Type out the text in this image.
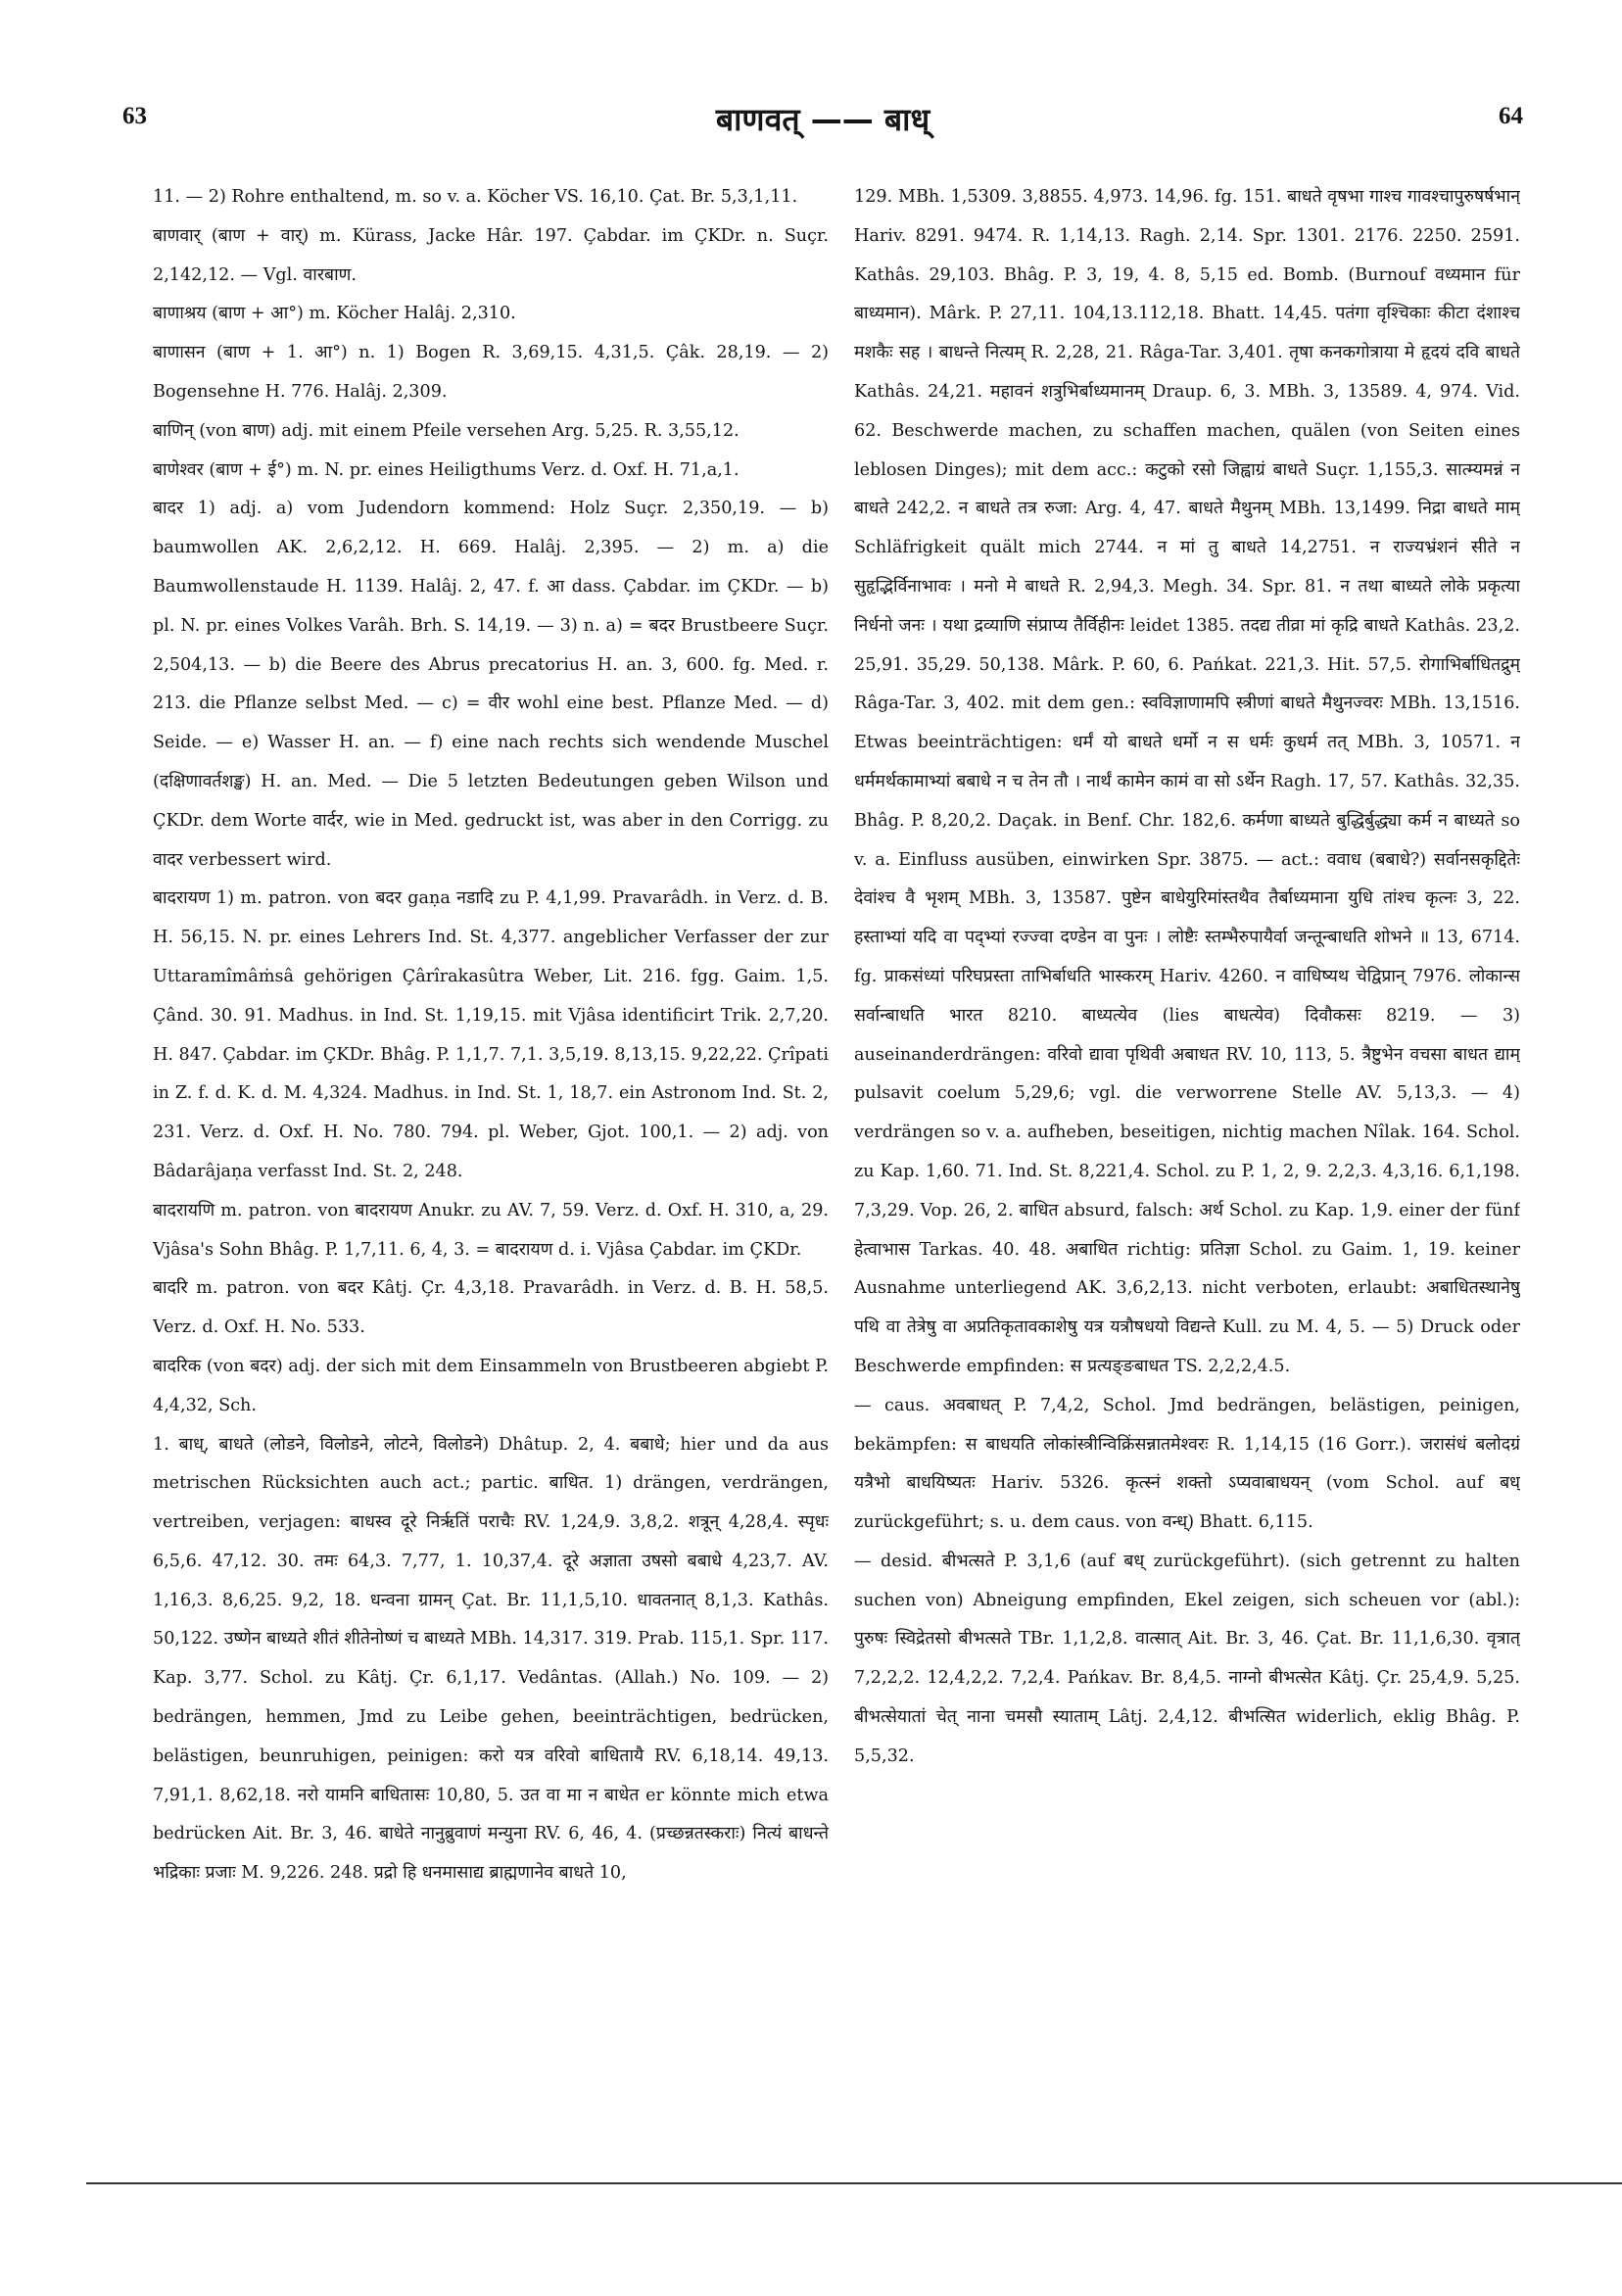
63	बाणवत् —— बाध्	64

11. — 2) Rohre enthaltend, m. so v. a. Köcher VS. 16,10. Çat. Br. 5,3,1,11.

बाणवार् (बाण + वार्) m. Kürass, Jacke Hâr. 197. Çabdar. im ÇKDr. n. Suçr. 2,142,12. — Vgl. वारबाण.

बाणाश्रय (बाण + आ°) m. Köcher Halâj. 2,310.

बाणासन (बाण + 1. आ°) n. 1) Bogen R. 3,69,15. 4,31,5. Çâk. 28,19. — 2) Bogensehne H. 776. Halâj. 2,309.

बाणिन् (von बाण) adj. mit einem Pfeile versehen Arg. 5,25. R. 3,55,12.

बाणेश्वर (बाण + ई°) m. N. pr. eines Heiligthums Verz. d. Oxf. H. 71,a,1.

बादर 1) adj. a) vom Judendorn kommend: Holz Suçr. 2,350,19. — b) baumwollen AK. 2,6,2,12. H. 669. Halâj. 2,395. — 2) m. a) die Baumwollenstaude H. 1139. Halâj. 2, 47. f. आ dass. Çabdar. im ÇKDr. — b) pl. N. pr. eines Volkes Varâh. Brh. S. 14,19. — 3) n. a) = बदर Brustbeere Suçr. 2,504,13. — b) die Beere des Abrus precatorius H. an. 3, 600. fg. Med. r. 213. die Pflanze selbst Med. — c) = वीर wohl eine best. Pflanze Med. — d) Seide. — e) Wasser H. an. — f) eine nach rechts sich wendende Muschel (दक्षिणावर्तशङ्ख) H. an. Med. — Die 5 letzten Bedeutungen geben Wilson und ÇKDr. dem Worte वार्दर, wie in Med. gedruckt ist, was aber in den Corrigg. zu वादर verbessert wird.

बादरायण 1) m. patron. von बदर gaṇa नडादि zu P. 4,1,99. Pravarâdh. in Verz. d. B. H. 56,15. N. pr. eines Lehrers Ind. St. 4,377. angeblicher Verfasser der zur Uttaramîmâṁsâ gehörigen Çârîrakasûtra Weber, Lit. 216. fgg. Gaim. 1,5. Çând. 30. 91. Madhus. in Ind. St. 1,19,15. mit Vjâsa identificirt Trik. 2,7,20. H. 847. Çabdar. im ÇKDr. Bhâg. P. 1,1,7. 7,1. 3,5,19. 8,13,15. 9,22,22. Çrîpati in Z. f. d. K. d. M. 4,324. Madhus. in Ind. St. 1, 18,7. ein Astronom Ind. St. 2, 231. Verz. d. Oxf. H. No. 780. 794. pl. Weber, Gjot. 100,1. — 2) adj. von Bâdarâjaṇa verfasst Ind. St. 2, 248.

बादरायणि m. patron. von बादरायण Anukr. zu AV. 7, 59. Verz. d. Oxf. H. 310, a, 29. Vjâsa's Sohn Bhâg. P. 1,7,11. 6, 4, 3. = बादरायण d. i. Vjâsa Çabdar. im ÇKDr.

बादरि m. patron. von बदर Kâtj. Çr. 4,3,18. Pravarâdh. in Verz. d. B. H. 58,5. Verz. d. Oxf. H. No. 533.

बादरिक (von बदर) adj. der sich mit dem Einsammeln von Brustbeeren abgiebt P. 4,4,32, Sch.

1. बाध्, बाधते (लोडने, विलोडने, लोटने, विलोडने) Dhâtup. 2, 4. बबाधे; hier und da aus metrischen Rücksichten auch act.; partic. बाधित. 1) drängen, verdrängen, vertreiben, verjagen: बाधस्व दूरे निर्ऋतिं पराचैः RV. 1,24,9. 3,8,2. शत्रून् 4,28,4. स्पृधः 6,5,6. 47,12. 30. तमः 64,3. 7,77, 1. 10,37,4. दूरे अज्ञाता उषसो बबाधे 4,23,7. AV. 1,16,3. 8,6,25. 9,2, 18. धन्वना ग्रामन् Çat. Br. 11,1,5,10. धावतनात् 8,1,3. Kathâs. 50,122. उष्णेन बाध्यते शीतं शीतेनोष्णं च बाध्यते MBh. 14,317. 319. Prab. 115,1. Spr. 117. Kap. 3,77. Schol. zu Kâtj. Çr. 6,1,17. Vedântas. (Allah.) No. 109. — 2) bedrängen, hemmen, Jmd zu Leibe gehen, beeinträchtigen, bedrücken, belästigen, beunruhigen, peinigen: करो यत्र वरिवो बाधितायै RV. 6,18,14. 49,13. 7,91,1. 8,62,18. नरो यामनि बाधितासः 10,80, 5. उत वा मा न बाधेत er könnte mich etwa bedrücken Ait. Br. 3, 46. बाधेते नानुब्रुवाणं मन्युना RV. 6, 46, 4. (प्रच्छन्नतस्कराः) नित्यं बाधन्ते भद्रिकाः प्रजाः M. 9,226. 248. प्रद्रो हि धनमासाद्य ब्राह्मणानेव बाधते 10,

129. MBh. 1,5309. 3,8855. 4,973. 14,96. fg. 151. बाधते वृषभा गाश्च गावश्चापुरुषर्षभान् Hariv. 8291. 9474. R. 1,14,13. Ragh. 2,14. Spr. 1301. 2176. 2250. 2591. Kathâs. 29,103. Bhâg. P. 3, 19, 4. 8, 5,15 ed. Bomb. (Burnouf वध्यमान für बाध्यमान). Mârk. P. 27,11. 104,13.112,18. Bhatt. 14,45. पतंगा वृश्चिकाः कीटा दंशाश्च मशकैः सह । बाधन्ते नित्यम् R. 2,28, 21. Râga-Tar. 3,401. तृषा कनकगोत्राया मे हृदयं दवि बाधते Kathâs. 24,21. महावनं शत्रुभिर्बाध्यमानम् Draup. 6, 3. MBh. 3, 13589. 4, 974. Vid. 62. Beschwerde machen, zu schaffen machen, quälen (von Seiten eines leblosen Dinges); mit dem acc.: कटुको रसो जिह्वाग्रं बाधते Suçr. 1,155,3. सात्म्यमन्नं न बाधते 242,2. न बाधते तत्र रुजा: Arg. 4, 47. बाधते मैथुनम् MBh. 13,1499. निद्रा बाधते माम् Schläfrigkeit quält mich 2744. न मां तु बाधते 14,2751. न राज्यभ्रंशनं सीते न सुहृद्भिर्विनाभावः । मनो मे बाधते R. 2,94,3. Megh. 34. Spr. 81. न तथा बाध्यते लोके प्रकृत्या निर्धनो जनः । यथा द्रव्याणि संप्राप्य तैर्विहीनः leidet 1385. तदद्य तीव्रा मां कृद्रि बाधते Kathâs. 23,2. 25,91. 35,29. 50,138. Mârk. P. 60, 6. Pańkat. 221,3. Hit. 57,5. रोगाभिर्बाधितद्रुम् Râga-Tar. 3, 402. mit dem gen.: स्वविज्ञाणामपि स्त्रीणां बाधते मैथुनज्वरः MBh. 13,1516. Etwas beeinträchtigen: धर्मं यो बाधते धर्मो न स धर्मः कुधर्म तत् MBh. 3, 10571. न धर्ममर्थकामाभ्यां बबाधे न च तेन तौ । नार्थं कामेन कामं वा सो ऽर्थेन Ragh. 17, 57. Kathâs. 32,35. Bhâg. P. 8,20,2. Daçak. in Benf. Chr. 182,6. कर्मणा बाध्यते बुद्धिर्बुद्ध्या कर्म न बाध्यते so v. a. Einfluss ausüben, einwirken Spr. 3875. — act.: ववाध (बबाधे?) सर्वानसकृद्दितेः देवांश्च वै भृशम् MBh. 3, 13587. पुष्टेन बाधेयुरिमांस्तथैव तैर्बाध्यमाना युधि तांश्च कृत्नः 3, 22. हस्ताभ्यां यदि वा पद्भ्यां रज्ज्वा दण्डेन वा पुनः । लोष्टैः स्तम्भैरुपायैर्वा जन्तून्बाधति शोभने ॥ 13, 6714. fg. प्राकसंध्यां परिघप्रस्ता ताभिर्बाधति भास्करम् Hariv. 4260. न वाधिष्यथ चेद्विप्रान् 7976. लोकान्स सर्वान्बाधति भारत 8210. बाध्यत्येव (lies बाधत्येव) दिवौकसः 8219. — 3) auseinanderdrängen: वरिवो द्यावा पृथिवी अबाधत RV. 10, 113, 5. त्रैष्टुभेन वचसा बाधत द्याम् pulsavit coelum 5,29,6; vgl. die verworrene Stelle AV. 5,13,3. — 4) verdrängen so v. a. aufheben, beseitigen, nichtig machen Nîlak. 164. Schol. zu Kap. 1,60. 71. Ind. St. 8,221,4. Schol. zu P. 1, 2, 9. 2,2,3. 4,3,16. 6,1,198. 7,3,29. Vop. 26, 2. बाधित absurd, falsch: अर्थ Schol. zu Kap. 1,9. einer der fünf हेत्वाभास Tarkas. 40. 48. अबाधित richtig: प्रतिज्ञा Schol. zu Gaim. 1, 19. keiner Ausnahme unterliegend AK. 3,6,2,13. nicht verboten, erlaubt: अबाधितस्थानेषु पथि वा तेत्रेषु वा अप्रतिकृतावकाशेषु यत्र यत्रौषधयो विद्यन्ते Kull. zu M. 4, 5. — 5) Druck oder Beschwerde empfinden: स प्रत्यङ्ङबाधत TS. 2,2,2,4.5.

— caus. अवबाधत् P. 7,4,2, Schol. Jmd bedrängen, belästigen, peinigen, bekämpfen: स बाधयति लोकांस्त्रीन्विक्रिंसन्नातमेश्वरः R. 1,14,15 (16 Gorr.). जरासंधं बलोदग्रं यत्रैभो बाधयिष्यतः Hariv. 5326. कृत्स्नं शक्तो ऽप्यवाबाधयन् (vom Schol. auf बध् zurückgeführt; s. u. dem caus. von वन्ध्) Bhatt. 6,115.

— desid. बीभत्सते P. 3,1,6 (auf बध् zurückgeführt). (sich getrennt zu halten suchen von) Abneigung empfinden, Ekel zeigen, sich scheuen vor (abl.): पुरुषः स्विद्रेतसो बीभत्सते TBr. 1,1,2,8. वात्सात् Ait. Br. 3, 46. Çat. Br. 11,1,6,30. वृत्रात् 7,2,2,2. 12,4,2,2. 7,2,4. Pańkav. Br. 8,4,5. नाग्नो बीभत्सेत Kâtj. Çr. 25,4,9. 5,25. बीभत्सेयातां चेत् नाना चमसौ स्याताम् Lâtj. 2,4,12. बीभत्सित widerlich, eklig Bhâg. P. 5,5,32.
